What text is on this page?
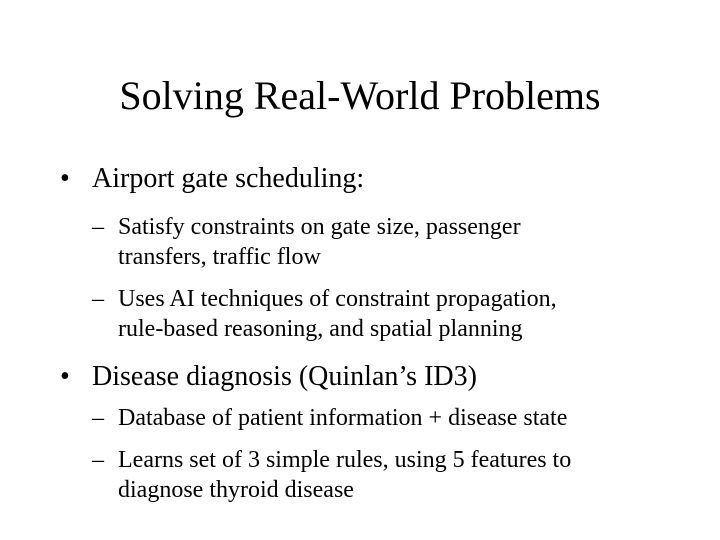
Solving Real-World Problems
• Airport gate scheduling:
– Satisfy constraints on gate size, passenger
transfers, traffic flow
– Uses AI techniques of constraint propagation,
rule-based reasoning, and spatial planning
• Disease diagnosis (Quinlan’s ID3)
– Database of patient information + disease state
– Learns set of 3 simple rules, using 5 features to
diagnose thyroid disease
